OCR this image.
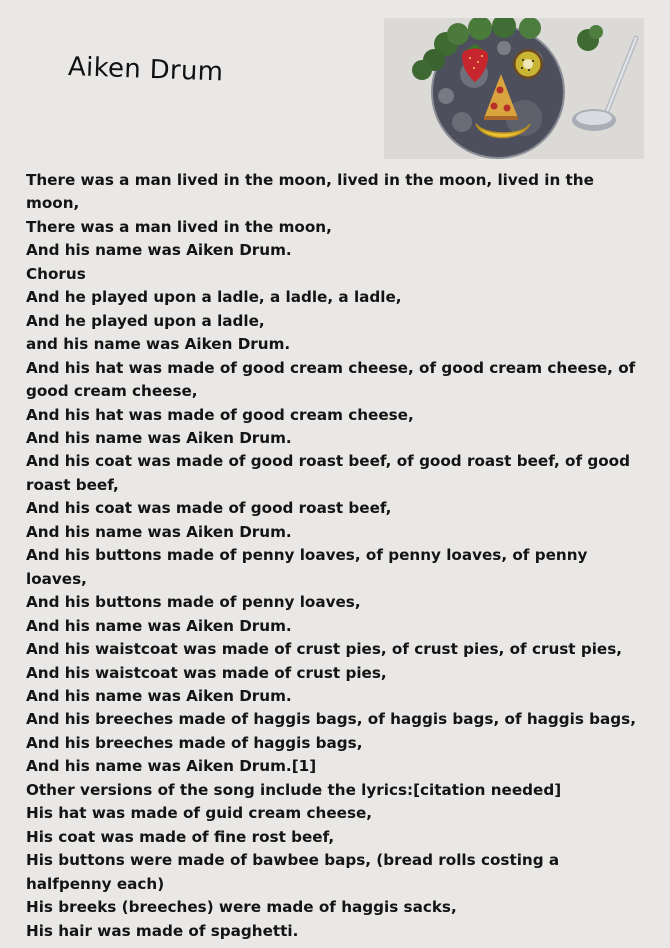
Aiken Drum
There was a man lived in the moon, lived in the moon, lived in the moon,
There was a man lived in the moon,
And his name was Aiken Drum.
Chorus
And he played upon a ladle, a ladle, a ladle,
And he played upon a ladle,
and his name was Aiken Drum.
And his hat was made of good cream cheese, of good cream cheese, of good cream cheese,
And his hat was made of good cream cheese,
And his name was Aiken Drum.
And his coat was made of good roast beef, of good roast beef, of good roast beef,
And his coat was made of good roast beef,
And his name was Aiken Drum.
And his buttons made of penny loaves, of penny loaves, of penny loaves,
And his buttons made of penny loaves,
And his name was Aiken Drum.
And his waistcoat was made of crust pies, of crust pies, of crust pies,
And his waistcoat was made of crust pies,
And his name was Aiken Drum.
And his breeches made of haggis bags, of haggis bags, of haggis bags,
And his breeches made of haggis bags,
And his name was Aiken Drum.[1]
Other versions of the song include the lyrics:[citation needed]
His hat was made of guid cream cheese,
His coat was made of fine rost beef,
His buttons were made of bawbee baps, (bread rolls costing a halfpenny each)
His breeks (breeches) were made of haggis sacks,
His hair was made of spaghetti.
